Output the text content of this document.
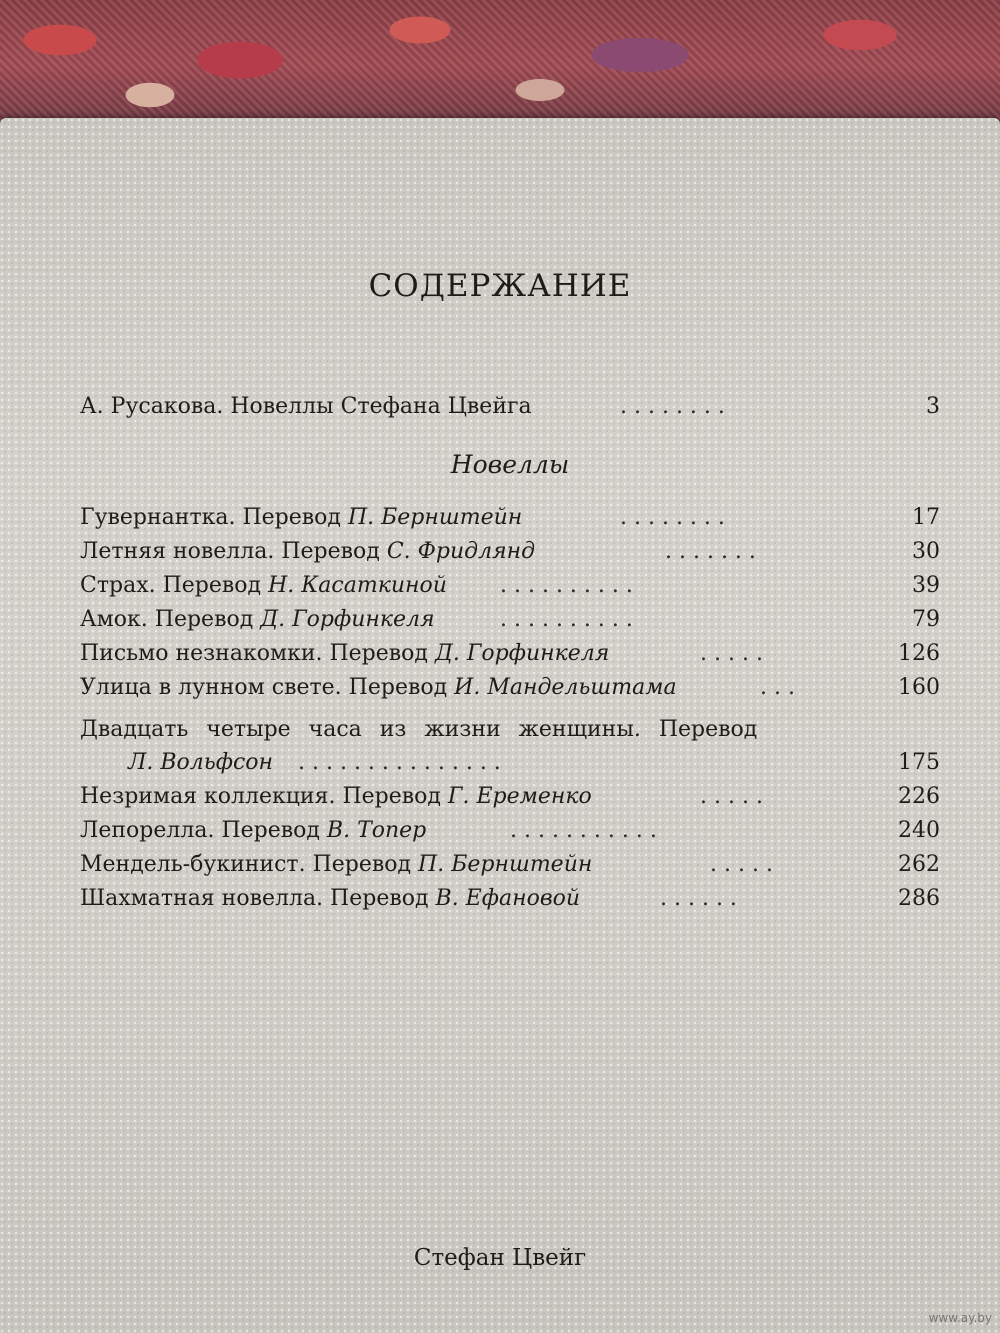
СОДЕРЖАНИЕ
А. Русакова. Новеллы Стефана Цвейга	. . . . . . . .	3
Новеллы
Гувернантка. Перевод П. Бернштейн	. . . . . . . .	17
Летняя новелла. Перевод С. Фридлянд	. . . . . . .	30
Страх. Перевод Н. Касаткиной . . . . . . . . . .	39
Амок. Перевод Д. Горфинкеля	. . . . . . . . . .	79
Письмо незнакомки. Перевод Д. Горфинкеля	. . . . .	126
Улица в лунном свете. Перевод И. Мандельштама	. . .	160
Двадцать четыре часа из жизни женщины. Перевод
Л. Вольфсон . . . . . . . . . . . . . . .	175
Незримая коллекция. Перевод Г. Еременко	. . . . .	226
Лепорелла. Перевод В. Топер	. . . . . . . . . . .	240
Мендель-букинист. Перевод П. Бернштейн	. . . . .	262
Шахматная новелла. Перевод В. Ефановой	. . . . . .	286
Стефан Цвейг
www.ay.by
